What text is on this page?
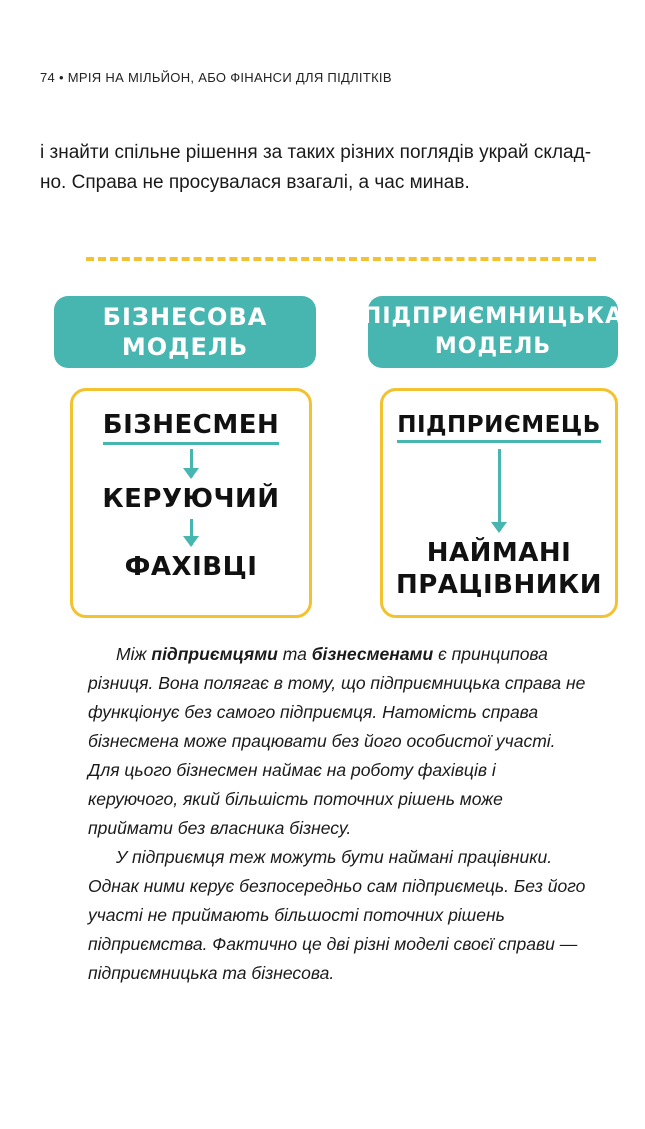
74 • МРІЯ НА МІЛЬЙОН, АБО ФІНАНСИ ДЛЯ ПІДЛІТКІВ

і знайти спільне рішення за таких різних поглядів украй склад-

но. Справа не просувалася взагалі, а час минав.

БІЗНЕСОВА
МОДЕЛЬ
БІЗНЕСМЕН
КЕРУЮЧИЙ
ФАХІВЦІ
ПІДПРИЄМНИЦЬКА
МОДЕЛЬ
ПІДПРИЄМЕЦЬ
НАЙМАНІ
ПРАЦІВНИКИ

Між підприємцями та бізнесменами є принципова різниця. Вона полягає в тому, що підприємницька справа не функціонує без самого підприємця. Натомість справа бізнесмена може працювати без його особистої участі. Для цього бізнесмен наймає на роботу фахівців і керуючого, який більшість поточних рішень може приймати без власника бізнесу.

У підприємця теж можуть бути наймані працівники. Однак ними керує безпосередньо сам підприємець. Без його участі не приймають більшості поточних рішень підприємства. Фактично це дві різні моделі своєї справи — підприємницька та бізнесова.
